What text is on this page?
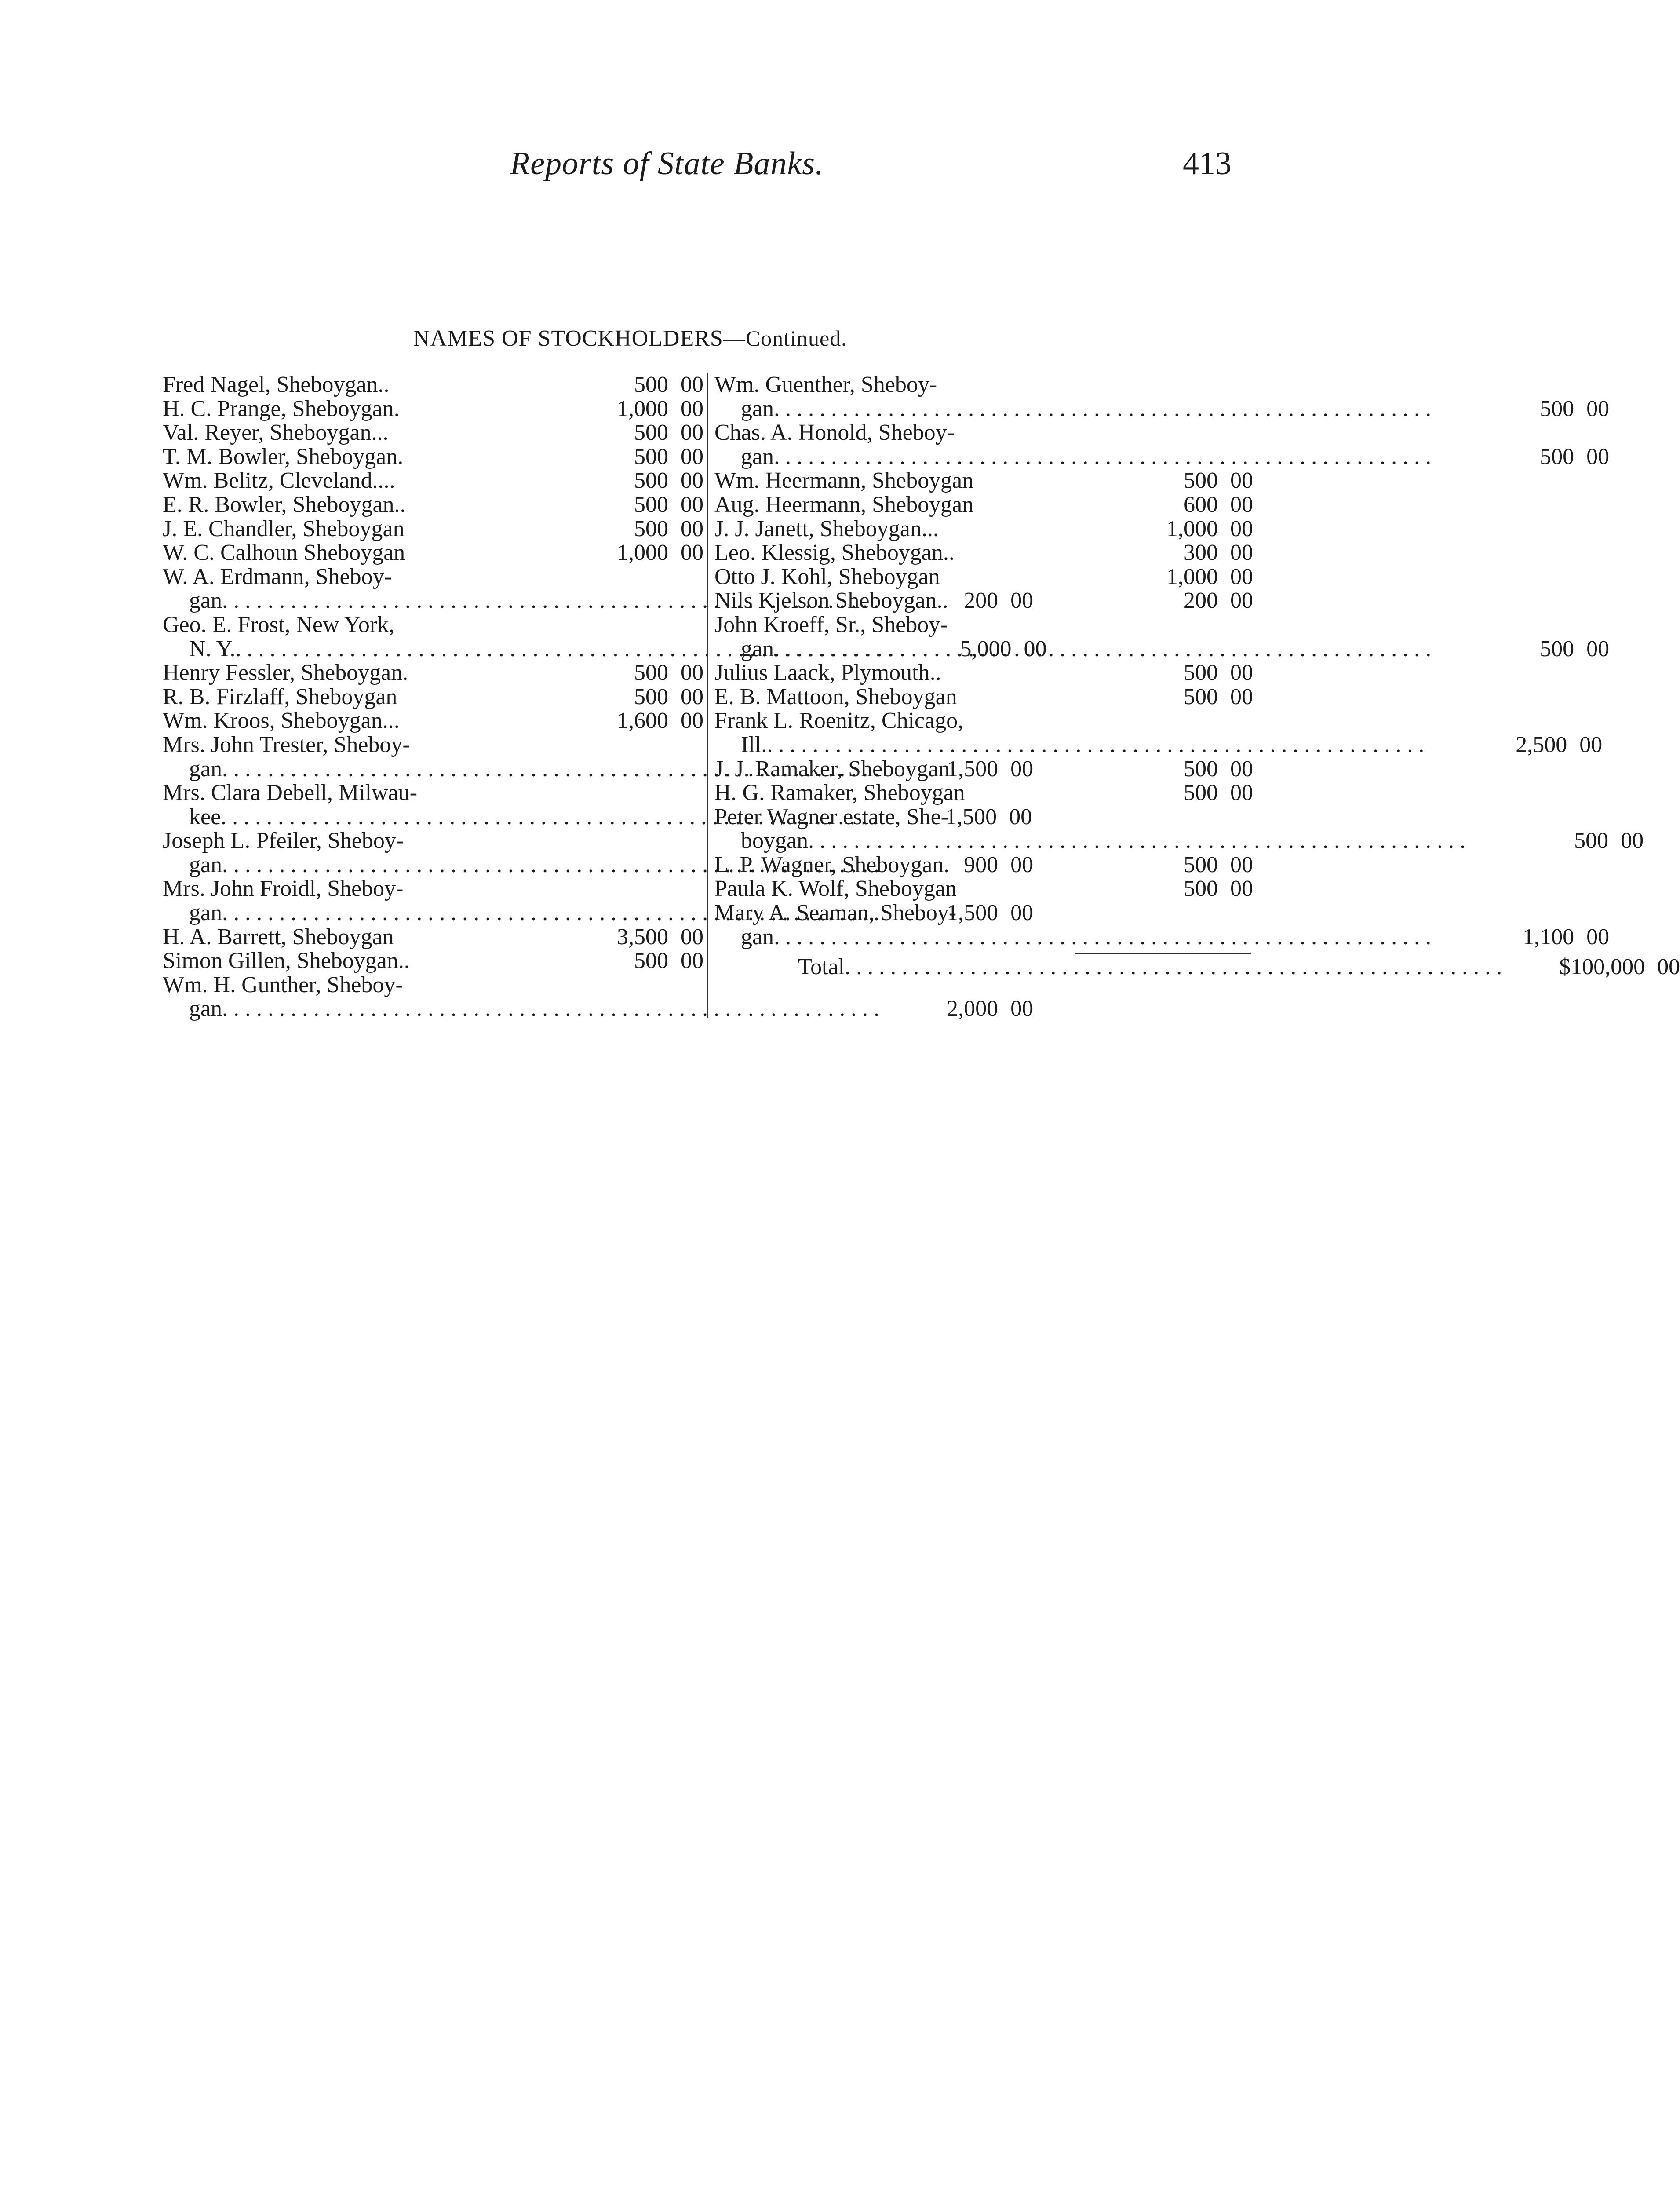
Reports of State Banks.	413
NAMES OF STOCKHOLDERS—Continued.
Fred Nagel, Sheboygan..	500 00
H. C. Prange, Sheboygan.	1,000 00
Val. Reyer, Sheboygan...	500 00
T. M. Bowler, Sheboygan.	500 00
Wm. Belitz, Cleveland....	500 00
E. R. Bowler, Sheboygan..	500 00
J. E. Chandler, Sheboygan	500 00
W. C. Calhoun Sheboygan	1,000 00
W. A. Erdmann, Sheboy-
gan . . .	200 00
Geo. E. Frost, New York,
N. Y. . . .	5,000 00
Henry Fessler, Sheboygan.	500 00
R. B. Firzlaff, Sheboygan	500 00
Wm. Kroos, Sheboygan...	1,600 00
Mrs. John Trester, Sheboy-
gan . . .	1,500 00
Mrs. Clara Debell, Milwau-
kee . . .	1,500 00
Joseph L. Pfeiler, Sheboy-
gan . . .	900 00
Mrs. John Froidl, Sheboy-
gan . . .	1,500 00
H. A. Barrett, Sheboygan	3,500 00
Simon Gillen, Sheboygan..	500 00
Wm. H. Gunther, Sheboy-
gan . . .	2,000 00
Wm. Guenther, Sheboy-
gan . . .	500 00
Chas. A. Honold, Sheboy-
gan . . .	500 00
Wm. Heermann, Sheboygan	500 00
Aug. Heermann, Sheboygan	600 00
J. J. Janett, Sheboygan...	1,000 00
Leo. Klessig, Sheboygan..	300 00
Otto J. Kohl, Sheboygan	1,000 00
Nils Kjelson Sheboygan..	200 00
John Kroeff, Sr., Sheboy-
gan . . .	500 00
Julius Laack, Plymouth..	500 00
E. B. Mattoon, Sheboygan	500 00
Frank L. Roenitz, Chicago,
Ill. . . .	2,500 00
J. J. Ramaker, Sheboygan	500 00
H. G. Ramaker, Sheboygan	500 00
Peter Wagner estate, She-
boygan . . .	500 00
L. P. Wagner, Sheboygan.	500 00
Paula K. Wolf, Sheboygan	500 00
Mary A. Seaman, Sheboy-
gan . . .	1,100 00
Total . . .	$100,000 00
